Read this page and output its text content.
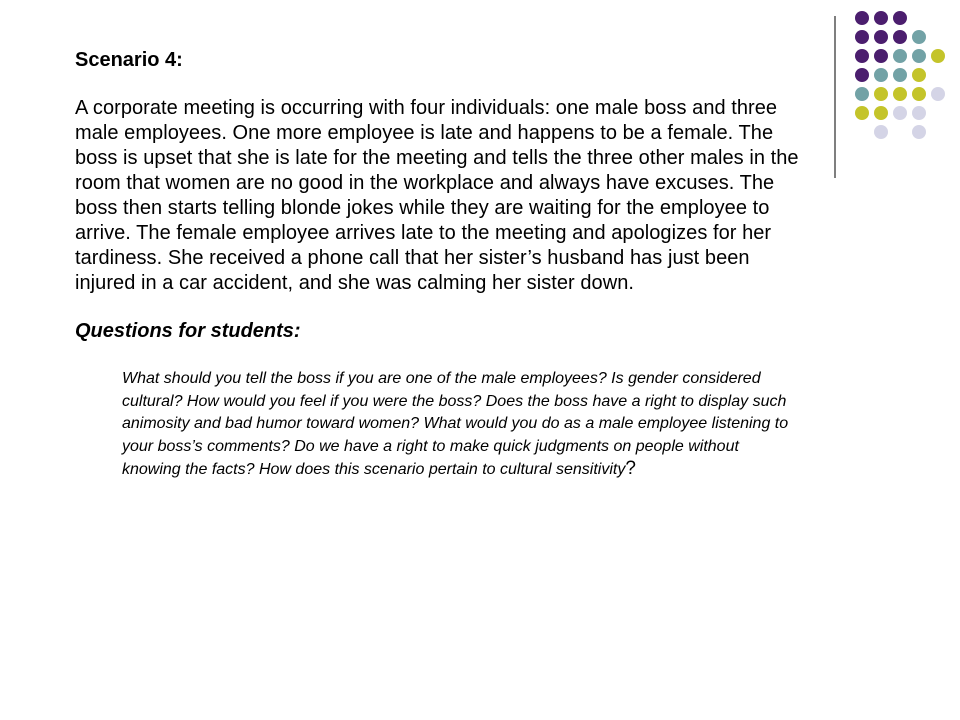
Scenario 4:

A corporate meeting is occurring with four individuals: one male boss and three male employees. One more employee is late and happens to be a female. The boss is upset that she is late for the meeting and tells the three other males in the room that women are no good in the workplace and always have excuses. The boss then starts telling blonde jokes while they are waiting for the employee to arrive. The female employee arrives late to the meeting and apologizes for her tardiness. She received a phone call that her sister’s husband has just been injured in a car accident, and she was calming her sister down.

Questions for students:

What should you tell the boss if you are one of the male employees? Is gender considered cultural? How would you feel if you were the boss? Does the boss have a right to display such animosity and bad humor toward women? What would you do as a male employee listening to your boss’s comments? Do we have a right to make quick judgments on people without knowing the facts? How does this scenario pertain to cultural sensitivity?
